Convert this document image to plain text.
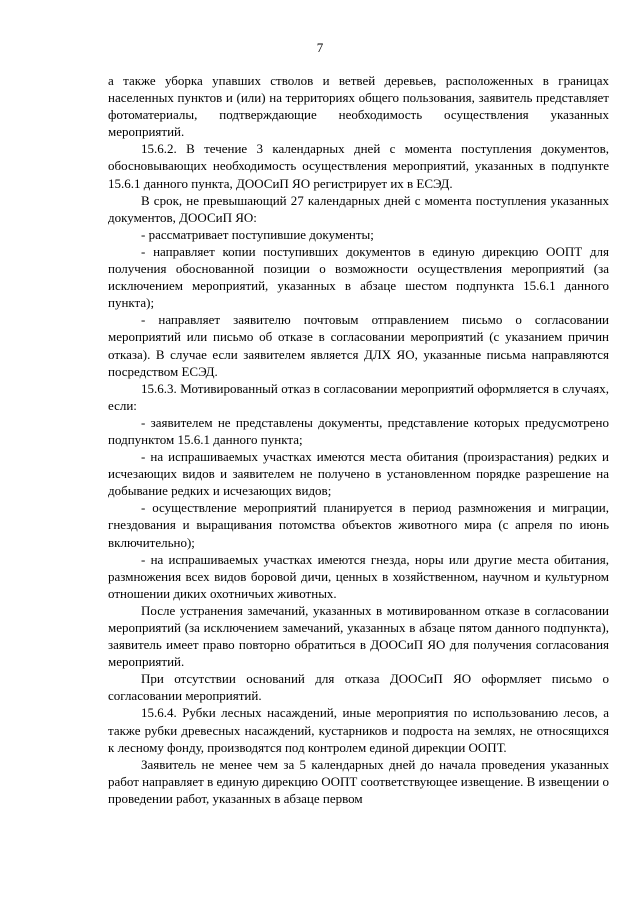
7

а также уборка упавших стволов и ветвей деревьев, расположенных в границах населенных пунктов и (или) на территориях общего пользования, заявитель представляет фотоматериалы, подтверждающие необходимость осуществления указанных мероприятий.

15.6.2. В течение 3 календарных дней с момента поступления документов, обосновывающих необходимость осуществления мероприятий, указанных в подпункте 15.6.1 данного пункта, ДООСиП ЯО регистрирует их в ЕСЭД.

В срок, не превышающий 27 календарных дней с момента поступления указанных документов, ДООСиП ЯО:

- рассматривает поступившие документы;

- направляет копии поступивших документов в единую дирекцию ООПТ для получения обоснованной позиции о возможности осуществления мероприятий (за исключением мероприятий, указанных в абзаце шестом подпункта 15.6.1 данного пункта);

- направляет заявителю почтовым отправлением письмо о согласовании мероприятий или письмо об отказе в согласовании мероприятий (с указанием причин отказа). В случае если заявителем является ДЛХ ЯО, указанные письма направляются посредством ЕСЭД.

15.6.3. Мотивированный отказ в согласовании мероприятий оформляется в случаях, если:

- заявителем не представлены документы, представление которых предусмотрено подпунктом 15.6.1 данного пункта;

- на испрашиваемых участках имеются места обитания (произрастания) редких и исчезающих видов и заявителем не получено в установленном порядке разрешение на добывание редких и исчезающих видов;

- осуществление мероприятий планируется в период размножения и миграции, гнездования и выращивания потомства объектов животного мира (с апреля по июнь включительно);

- на испрашиваемых участках имеются гнезда, норы или другие места обитания, размножения всех видов боровой дичи, ценных в хозяйственном, научном и культурном отношении диких охотничьих животных.

После устранения замечаний, указанных в мотивированном отказе в согласовании мероприятий (за исключением замечаний, указанных в абзаце пятом данного подпункта), заявитель имеет право повторно обратиться в ДООСиП ЯО для получения согласования мероприятий.

При отсутствии оснований для отказа ДООСиП ЯО оформляет письмо о согласовании мероприятий.

15.6.4. Рубки лесных насаждений, иные мероприятия по использованию лесов, а также рубки древесных насаждений, кустарников и подроста на землях, не относящихся к лесному фонду, производятся под контролем единой дирекции ООПТ.

Заявитель не менее чем за 5 календарных дней до начала проведения указанных работ направляет в единую дирекцию ООПТ соответствующее извещение. В извещении о проведении работ, указанных в абзаце первом
